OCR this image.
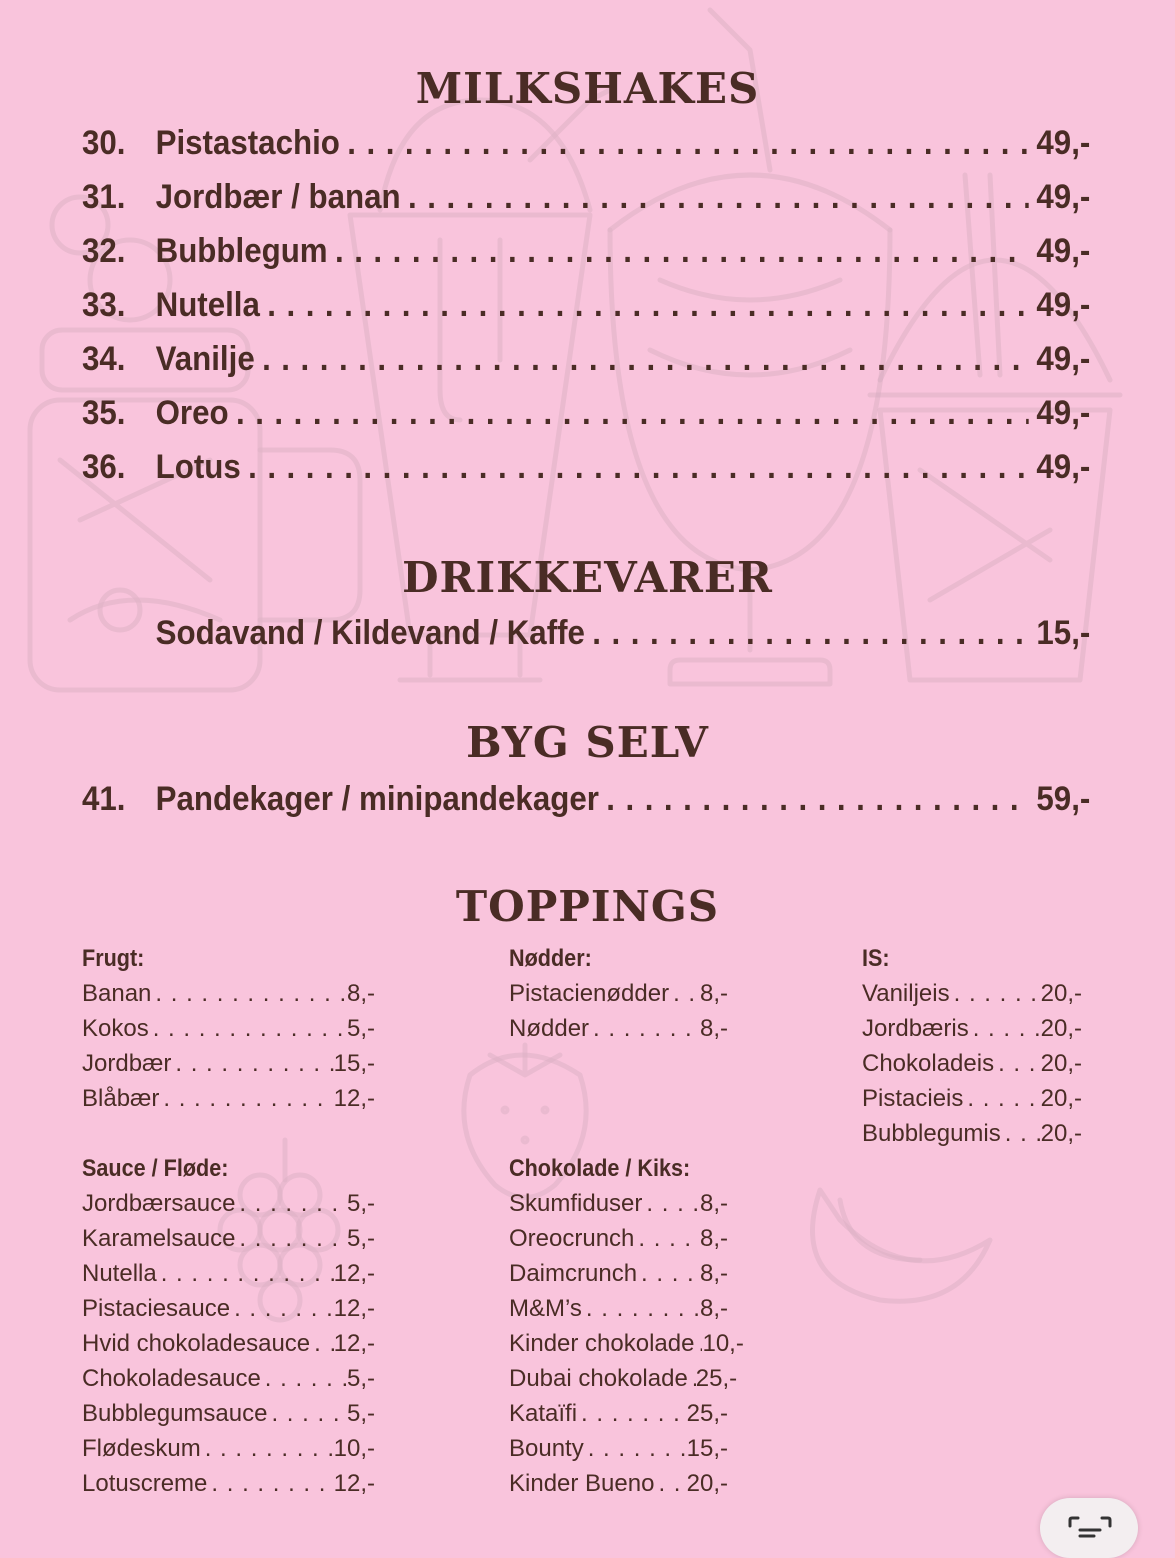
MILKSHAKES
30. Pistastachio . . .	49,-
31. Jordbær / banan . . .	49,-
32. Bubblegum . . .	49,-
33. Nutella . . .	49,-
34. Vanilje . . .	49,-
35. Oreo . . .	49,-
36. Lotus . . .	49,-
DRIKKEVARER
Sodavand / Kildevand / Kaffe . . .	15,-
BYG SELV
41. Pandekager / minipandekager . . .	59,-
TOPPINGS
Frugt:
Banan . . .	8,-
Kokos . . .	5,-
Jordbær . . .	15,-
Blåbær . . .	12,-
Sauce / Fløde:
Jordbærsauce . . .	5,-
Karamelsauce . . .	5,-
Nutella . . .	12,-
Pistaciesauce . . .	12,-
Hvid chokoladesauce . . . 12,-
Chokoladesauce . . .	5,-
Bubblegumsauce . . .	5,-
Flødeskum . . .	10,-
Lotuscreme . . .	12,-
Nødder:
Pistacienødder . . . 8,-
Nødder . . .	8,-
Chokolade / Kiks:
Skumfiduser . . . 8,-
Oreocrunch . . .	8,-
Daimcrunch . . .	8,-
M&M’s . . .	8,-
Kinder chokolade . . . 10,-
Dubai chokolade . . . 25,-
Kataïfi . . .	25,-
Bounty . . .	15,-
Kinder Bueno . . . 20,-
IS:
Vaniljeis . . .	20,-
Jordbæris . . .	20,-
Chokoladeis . . . 20,-
Pistacieis . . .	20,-
Bubblegumis . . . 20,-
